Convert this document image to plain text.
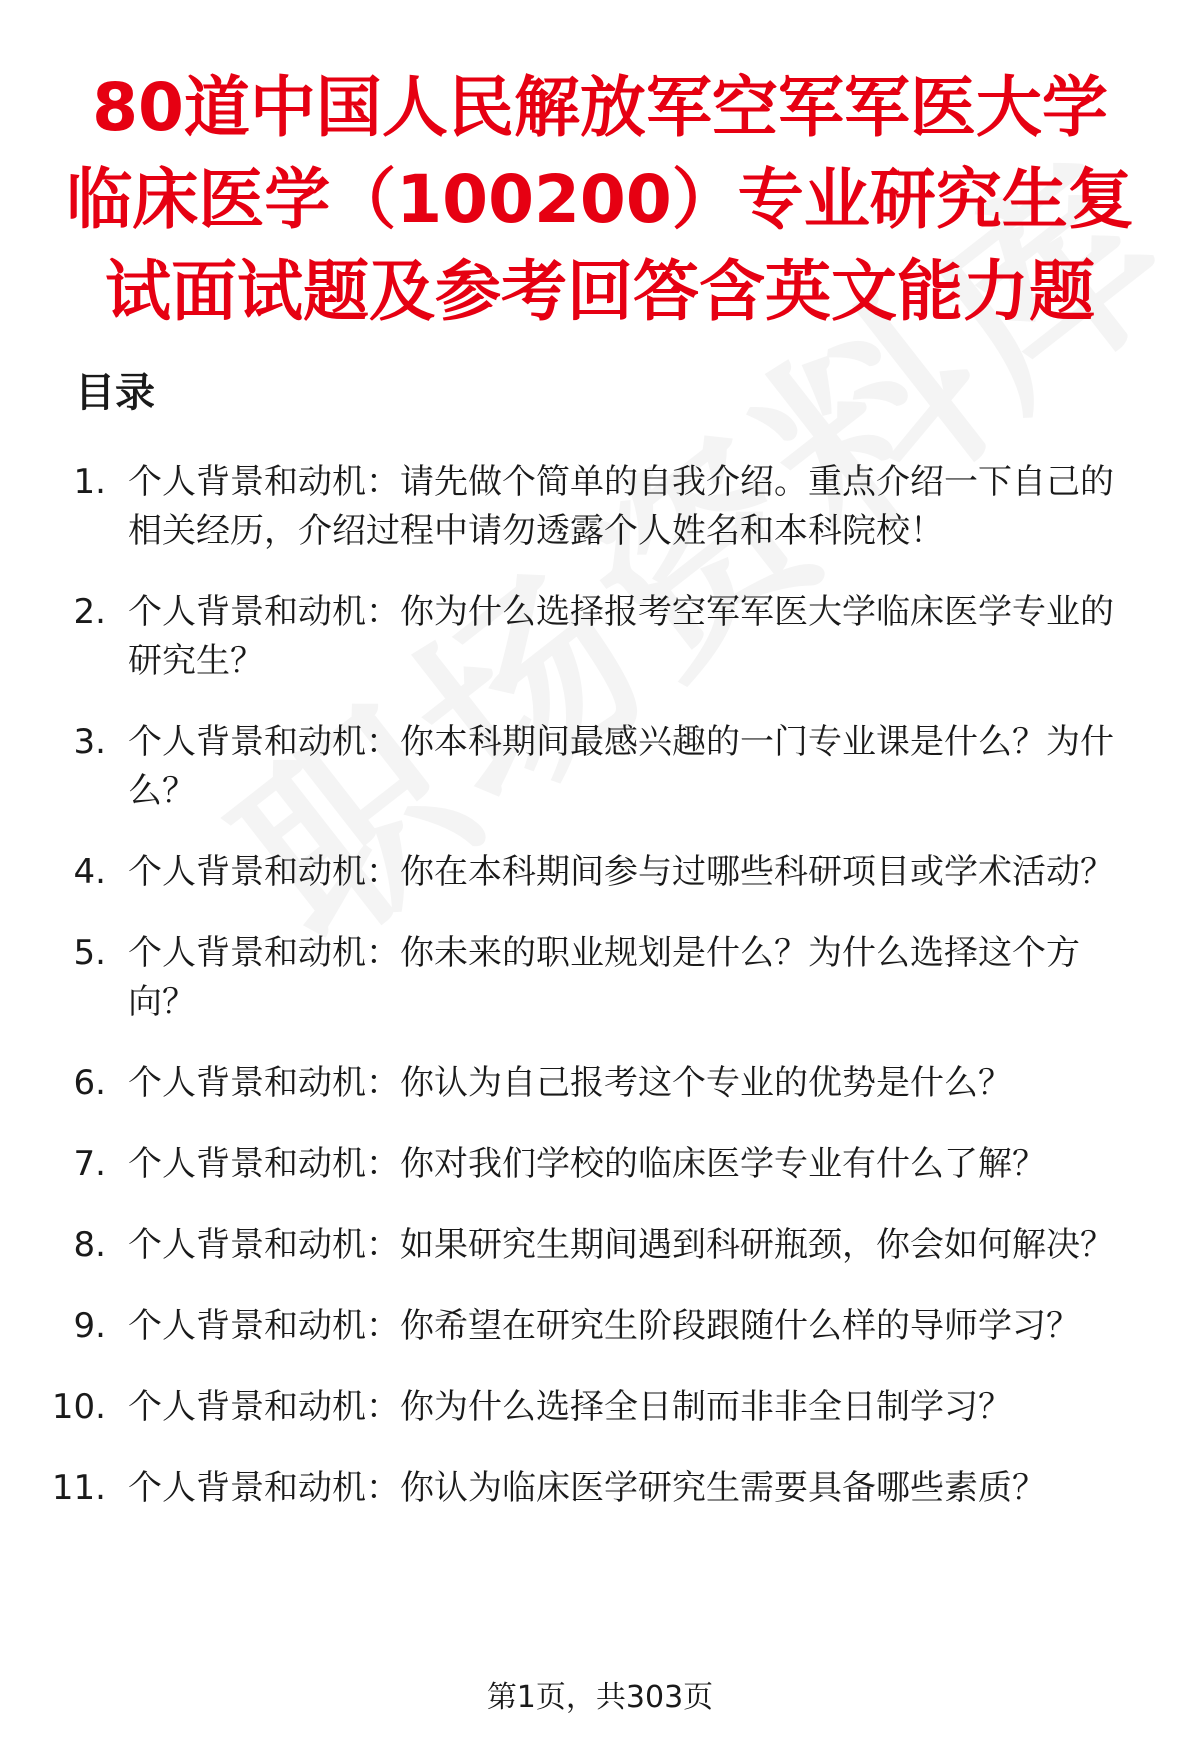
80道中国人民解放军空军军医大学
临床医学（100200）专业研究生复
试面试题及参考回答含英文能力题
目录
1. 个人背景和动机：请先做个简单的自我介绍。重点介绍一下自己的相关经历，介绍过程中请勿透露个人姓名和本科院校！
2. 个人背景和动机：你为什么选择报考空军军医大学临床医学专业的研究生？
3. 个人背景和动机：你本科期间最感兴趣的一门专业课是什么？为什么？
4. 个人背景和动机：你在本科期间参与过哪些科研项目或学术活动？
5. 个人背景和动机：你未来的职业规划是什么？为什么选择这个方向？
6. 个人背景和动机：你认为自己报考这个专业的优势是什么？
7. 个人背景和动机：你对我们学校的临床医学专业有什么了解？
8. 个人背景和动机：如果研究生期间遇到科研瓶颈，你会如何解决？
9. 个人背景和动机：你希望在研究生阶段跟随什么样的导师学习？
10. 个人背景和动机：你为什么选择全日制而非非全日制学习？
11. 个人背景和动机：你认为临床医学研究生需要具备哪些素质？
第1页，共303页
